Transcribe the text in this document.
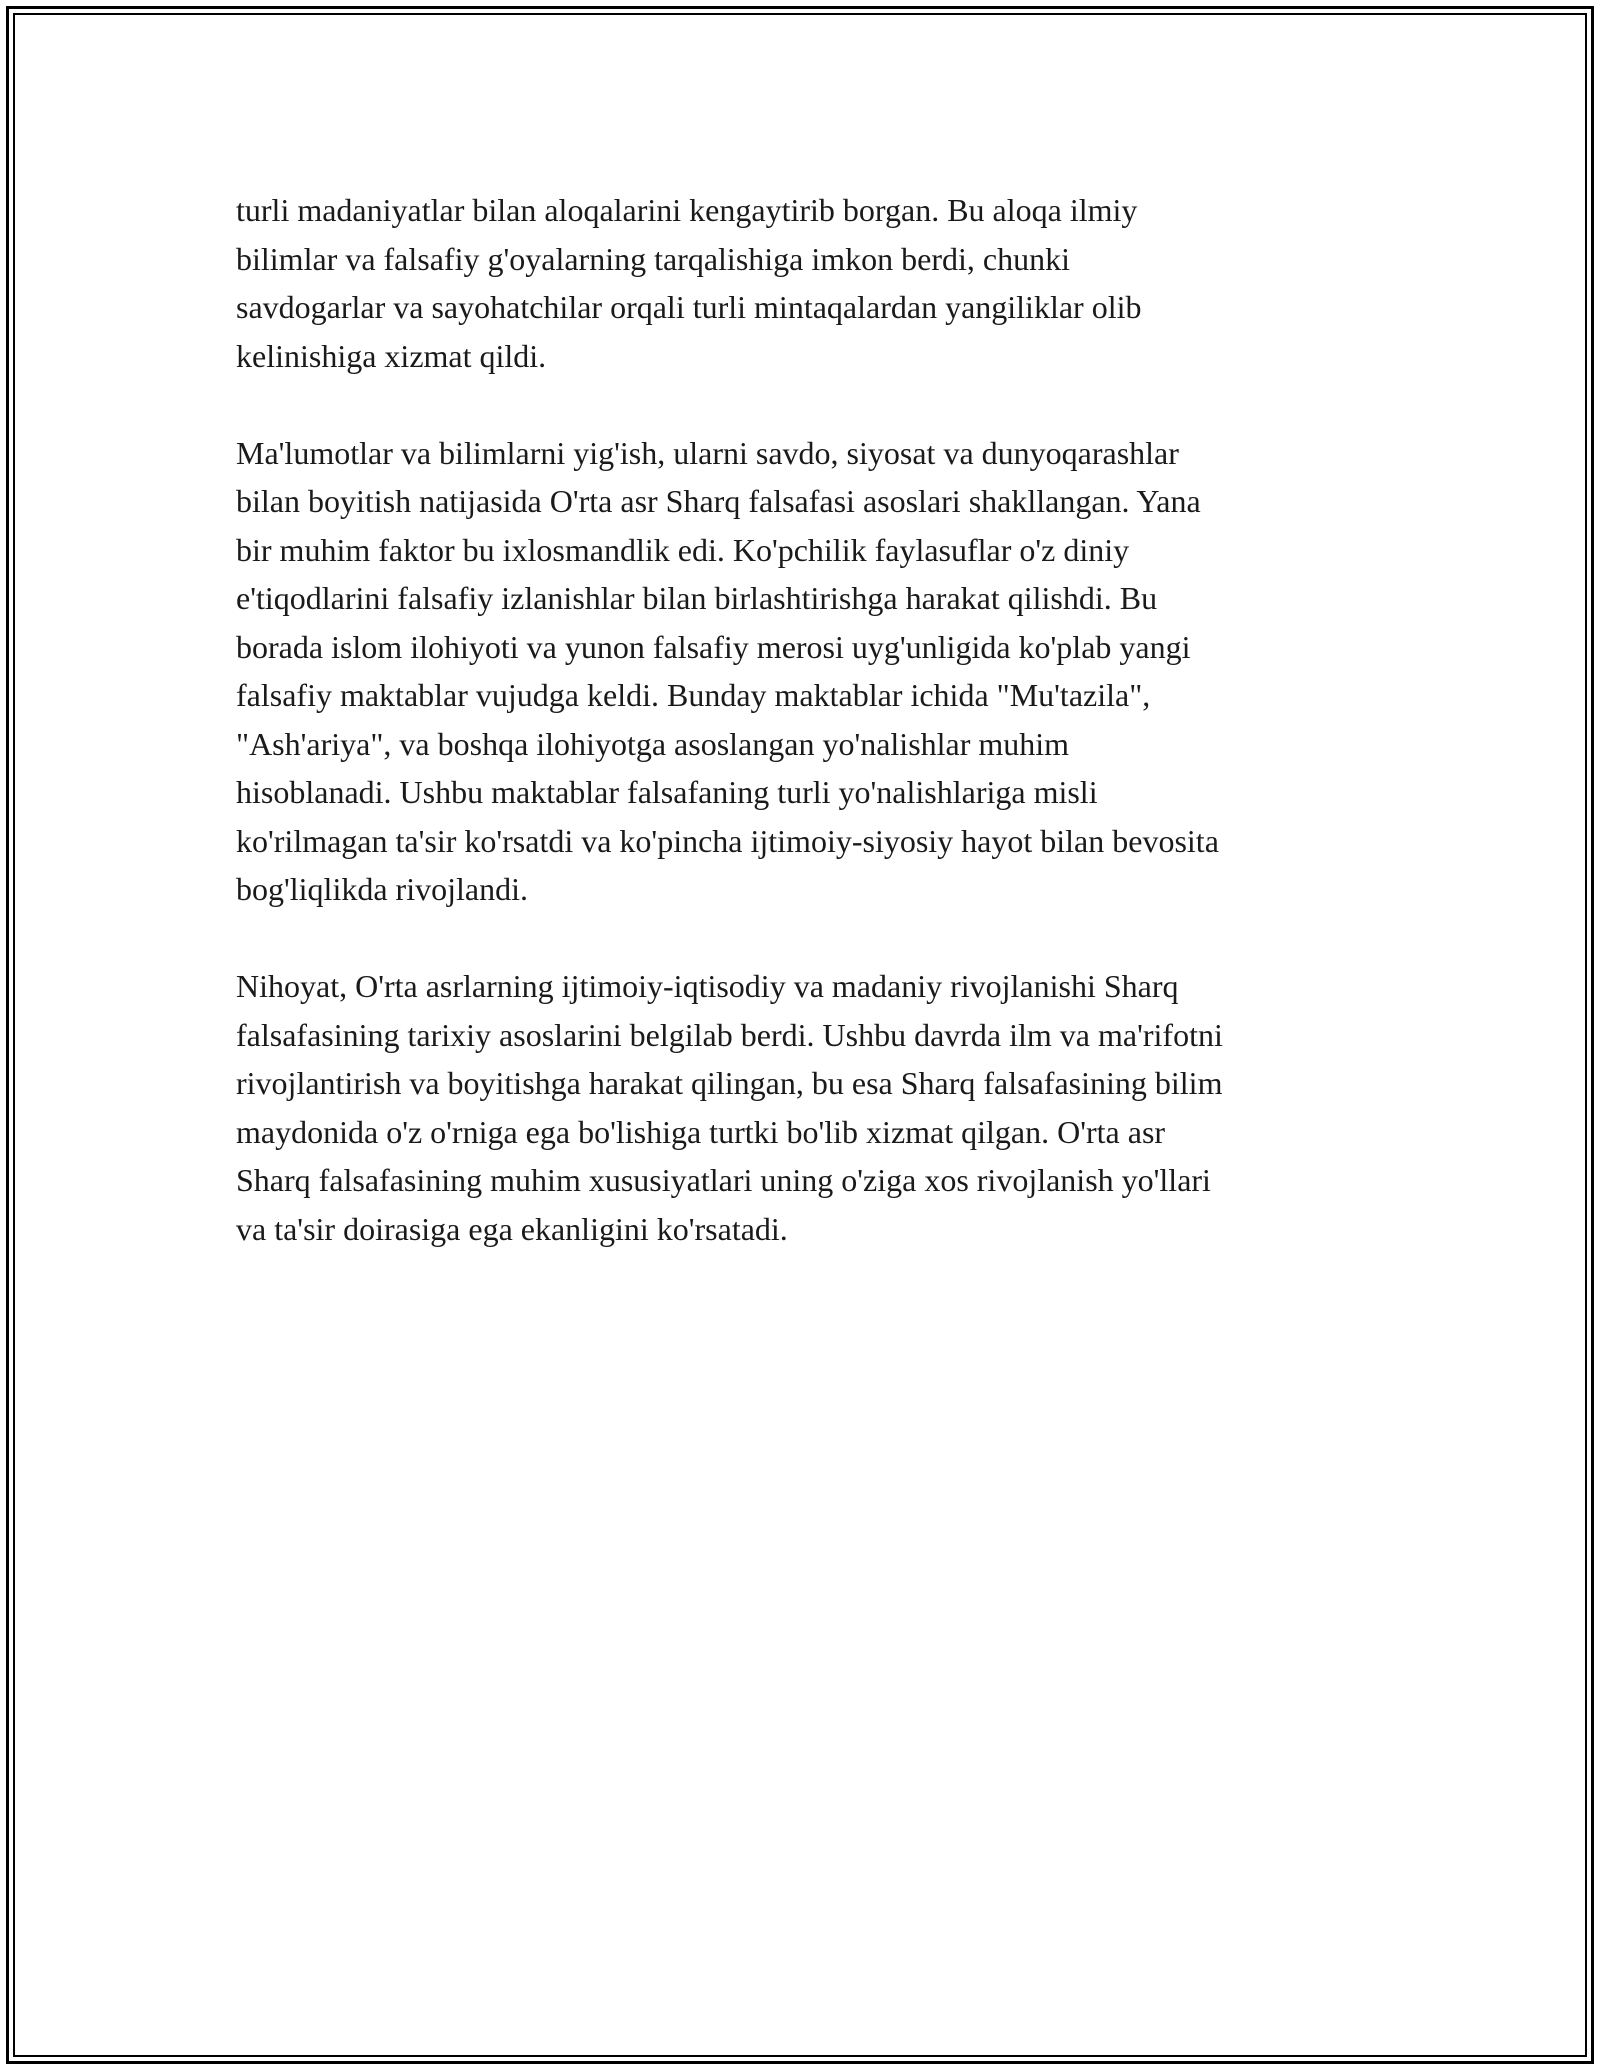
turli madaniyatlar bilan aloqalarini kengaytirib borgan. Bu aloqa ilmiy
bilimlar va falsafiy g'oyalarning tarqalishiga imkon berdi, chunki
savdogarlar va sayohatchilar orqali turli mintaqalardan yangiliklar olib
kelinishiga xizmat qildi.

Ma'lumotlar va bilimlarni yig'ish, ularni savdo, siyosat va dunyoqarashlar
bilan boyitish natijasida O'rta asr Sharq falsafasi asoslari shakllangan. Yana
bir muhim faktor bu ixlosmandlik edi. Ko'pchilik faylasuflar o'z diniy
e'tiqodlarini falsafiy izlanishlar bilan birlashtirishga harakat qilishdi. Bu
borada islom ilohiyoti va yunon falsafiy merosi uyg'unligida ko'plab yangi
falsafiy maktablar vujudga keldi. Bunday maktablar ichida "Mu'tazila",
"Ash'ariya", va boshqa ilohiyotga asoslangan yo'nalishlar muhim
hisoblanadi. Ushbu maktablar falsafaning turli yo'nalishlariga misli
ko'rilmagan ta'sir ko'rsatdi va ko'pincha ijtimoiy-siyosiy hayot bilan bevosita
bog'liqlikda rivojlandi.

Nihoyat, O'rta asrlarning ijtimoiy-iqtisodiy va madaniy rivojlanishi Sharq
falsafasining tarixiy asoslarini belgilab berdi. Ushbu davrda ilm va ma'rifotni
rivojlantirish va boyitishga harakat qilingan, bu esa Sharq falsafasining bilim
maydonida o'z o'rniga ega bo'lishiga turtki bo'lib xizmat qilgan. O'rta asr
Sharq falsafasining muhim xususiyatlari uning o'ziga xos rivojlanish yo'llari
va ta'sir doirasiga ega ekanligini ko'rsatadi.
